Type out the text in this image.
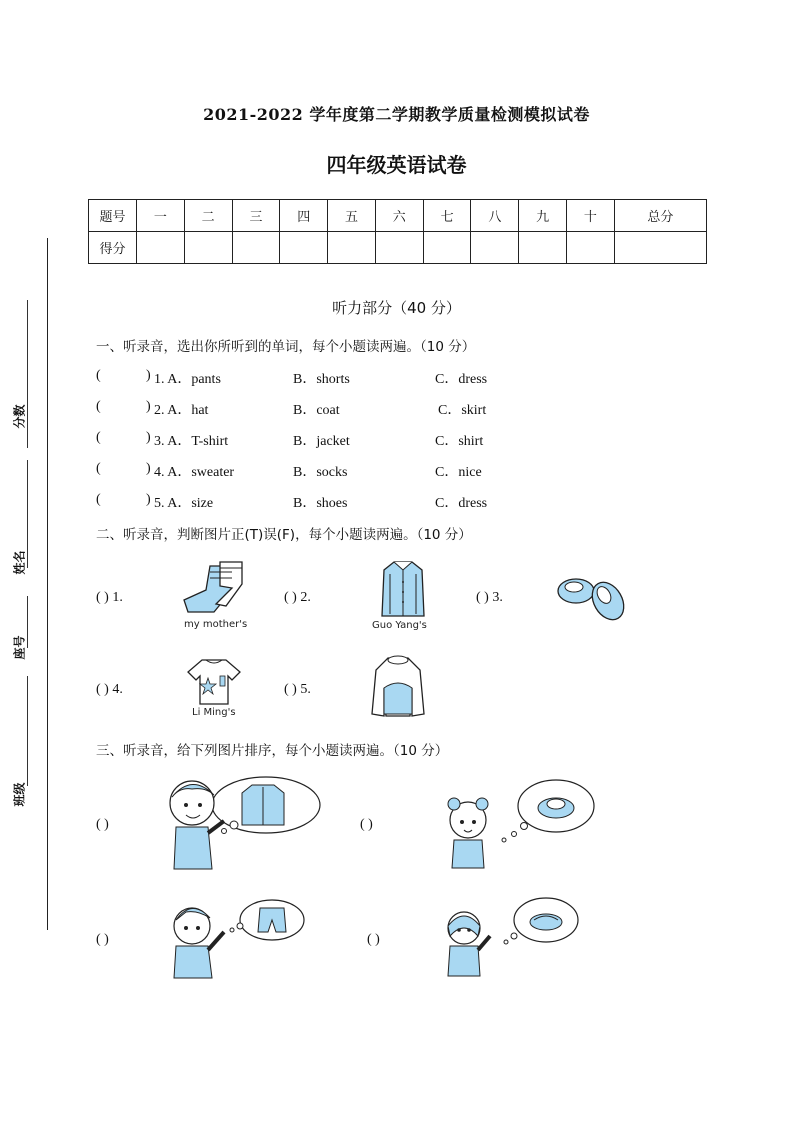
分数
姓名
座号
班级
2021-2022 学年度第二学期教学质量检测模拟试卷
四年级英语试卷
题号	一	二	三	四	五	六	七	八	九	十	总分
得分											
听力部分（40 分）
一、听录音，选出你所听到的单词，每个小题读两遍。（10 分）
(	) 1. A．pants	B．shorts	C．dress
(	) 2. A．hat	B．coat	C．skirt
(	) 3. A．T-shirt	B．jacket	C．shirt
(	) 4. A．sweater	B．socks	C．nice
(	) 5. A．size	B．shoes	C．dress
二、听录音，判断图片正(T)误(F)，每个小题读两遍。（10 分）
( ) 1.
my mother's
( ) 2.
Guo Yang's
( ) 3.
( ) 4.
Li Ming's
( ) 5.
三、听录音，给下列图片排序，每个小题读两遍。（10 分）
( )	( )
( )	( )
